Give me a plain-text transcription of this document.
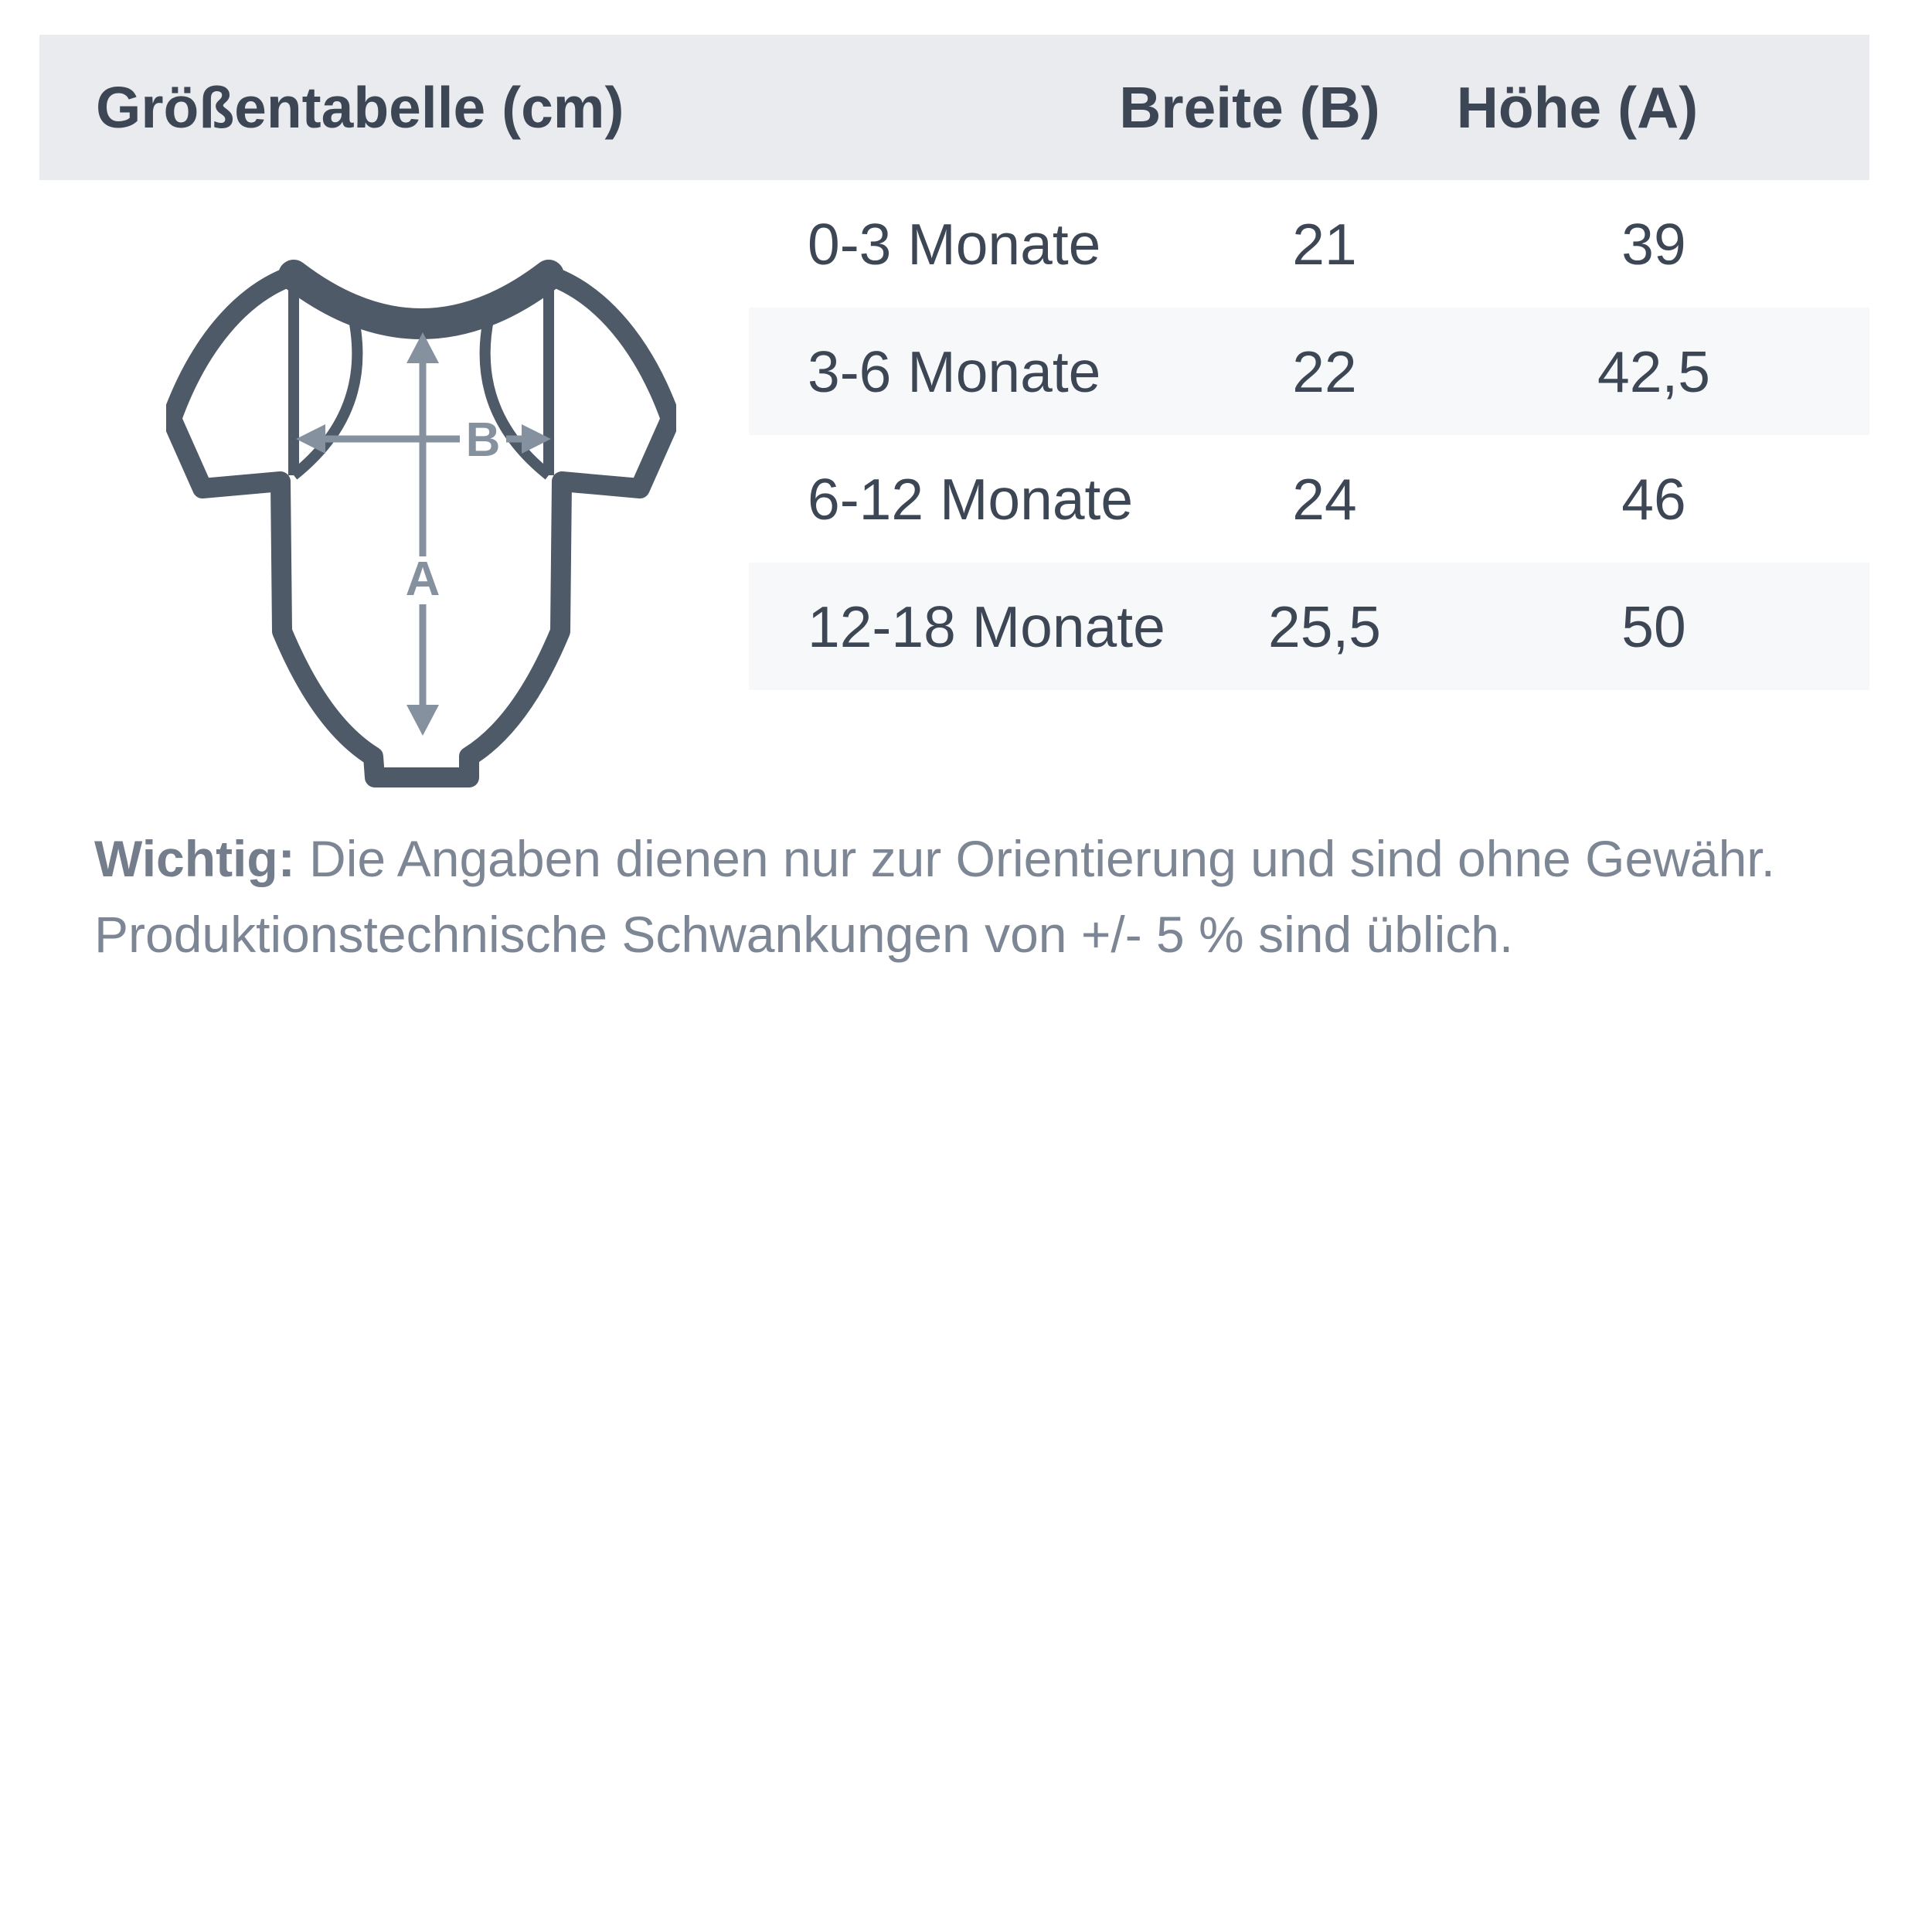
Größentabelle (cm)	Breite (B) Höhe (A)
0-3 Monate	21	39
3-6 Monate	22	42,5
6-12 Monate	24	46
12-18 Monate	25,5	50
B
A
Wichtig: Die Angaben dienen nur zur Orientierung und sind ohne Gewähr.
Produktionstechnische Schwankungen von +/- 5 % sind üblich.
